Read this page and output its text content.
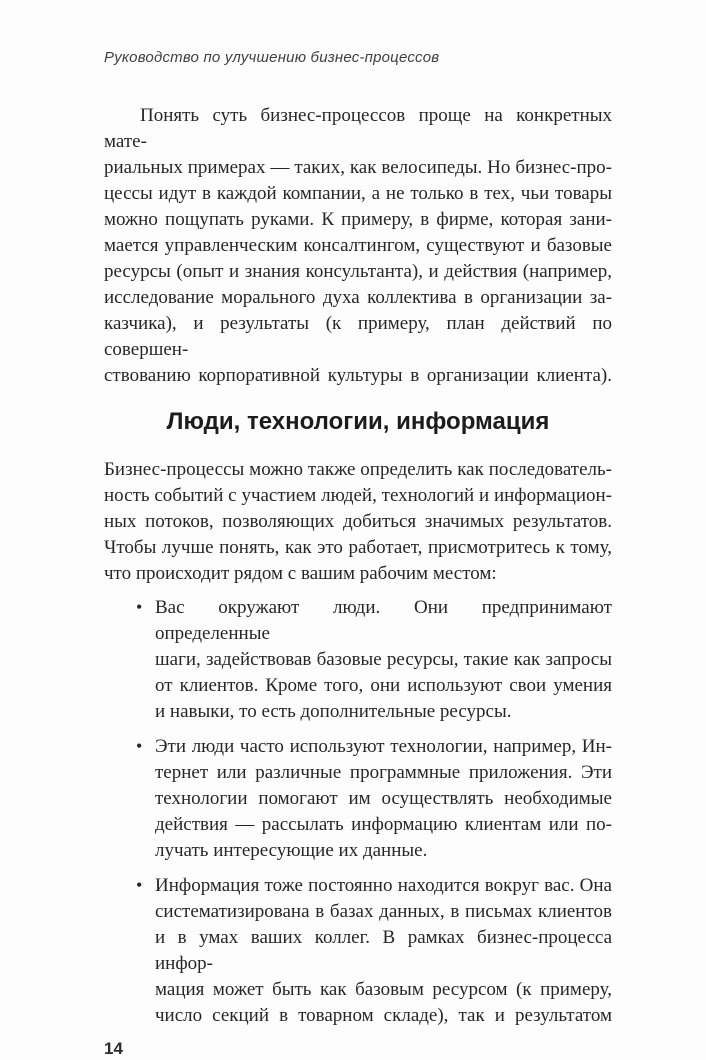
Руководство по улучшению бизнес-процессов
Понять суть бизнес-процессов проще на конкретных мате-
риальных примерах — таких, как велосипеды. Но бизнес-про-
цессы идут в каждой компании, а не только в тех, чьи товары
можно пощупать руками. К примеру, в фирме, которая зани-
мается управленческим консалтингом, существуют и базовые
ресурсы (опыт и знания консультанта), и действия (например,
исследование морального духа коллектива в организации за-
казчика), и результаты (к примеру, план действий по совершен-
ствованию корпоративной культуры в организации клиента).
Люди, технологии, информация
Бизнес-процессы можно также определить как последователь-
ность событий с участием людей, технологий и информацион-
ных потоков, позволяющих добиться значимых результатов.
Чтобы лучше понять, как это работает, присмотритесь к тому,
что происходит рядом с вашим рабочим местом:
• Вас окружают люди. Они предпринимают определенные
шаги, задействовав базовые ресурсы, такие как запросы
от клиентов. Кроме того, они используют свои умения
и навыки, то есть дополнительные ресурсы.
• Эти люди часто используют технологии, например, Ин-
тернет или различные программные приложения. Эти
технологии помогают им осуществлять необходимые
действия — рассылать информацию клиентам или по-
лучать интересующие их данные.
• Информация тоже постоянно находится вокруг вас. Она
систематизирована в базах данных, в письмах клиентов
и в умах ваших коллег. В рамках бизнес-процесса инфор-
мация может быть как базовым ресурсом (к примеру,
число секций в товарном складе), так и результатом
14
